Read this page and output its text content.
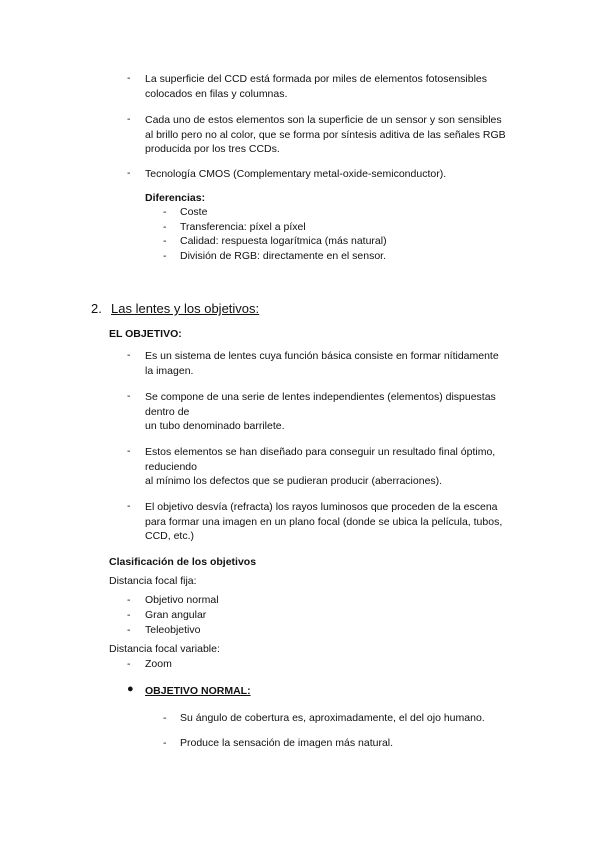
-	La superficie del CCD está formada por miles de elementos fotosensibles
colocados en filas y columnas.
-	Cada uno de estos elementos son la superficie de un sensor y son sensibles
al brillo pero no al color, que se forma por síntesis aditiva de las señales RGB
producida por los tres CCDs.
-	Tecnología CMOS (Complementary metal-oxide-semiconductor).
Diferencias:
-	Coste
-	Transferencia: píxel a píxel
-	Calidad: respuesta logarítmica (más natural)
-	División de RGB: directamente en el sensor.
2. Las lentes y los objetivos:
EL OBJETIVO:
-	Es un sistema de lentes cuya función básica consiste en formar nítidamente
la imagen.
-	Se compone de una serie de lentes independientes (elementos) dispuestas
dentro de
un tubo denominado barrilete.
-	Estos elementos se han diseñado para conseguir un resultado final óptimo,
reduciendo
al mínimo los defectos que se pudieran producir (aberraciones).
-	El objetivo desvía (refracta) los rayos luminosos que proceden de la escena
para formar una imagen en un plano focal (donde se ubica la película, tubos,
CCD, etc.)
Clasificación de los objetivos
Distancia focal fija:
-	Objetivo normal
-	Gran angular
-	Teleobjetivo
Distancia focal variable:
-	Zoom
● OBJETIVO NORMAL:
-	Su ángulo de cobertura es, aproximadamente, el del ojo humano.
-	Produce la sensación de imagen más natural.
